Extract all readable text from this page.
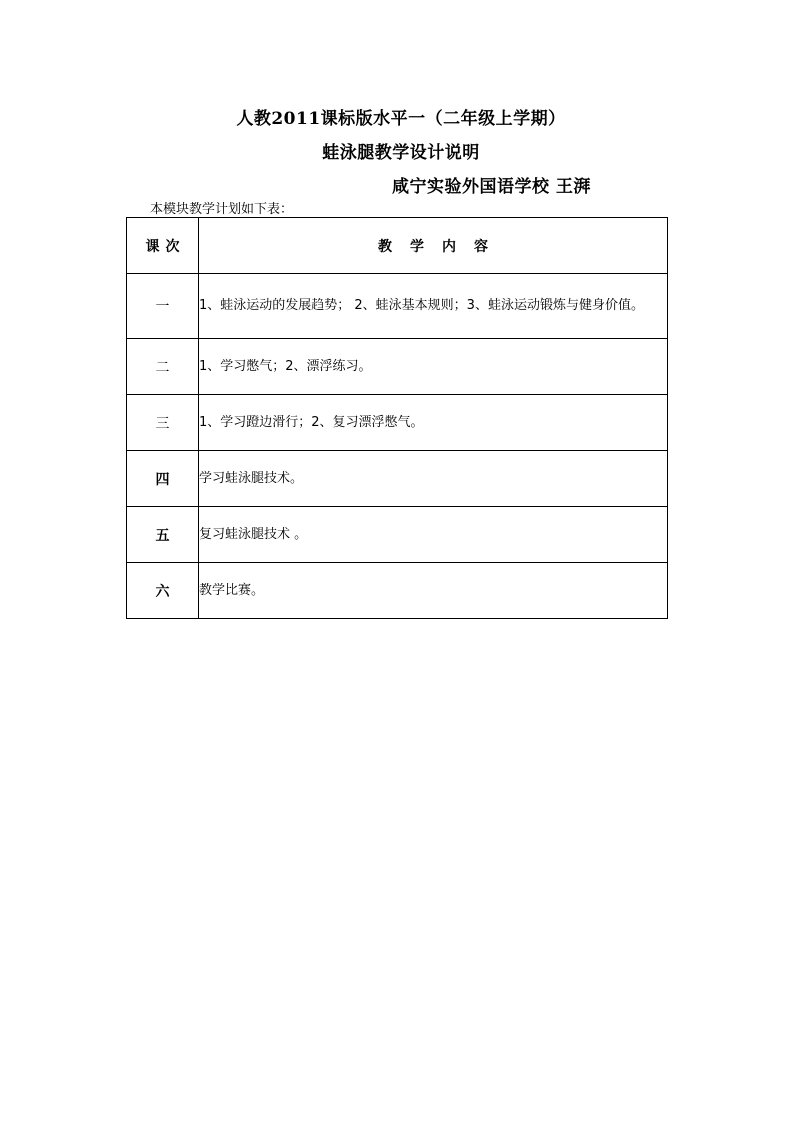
人教2011课标版水平一（二年级上学期）
蛙泳腿教学设计说明
咸宁实验外国语学校 王湃
本模块教学计划如下表：
课次	教学内容
一	1、蛙泳运动的发展趋势； 2、蛙泳基本规则；3、蛙泳运动锻炼与健身价值。
二	1、学习憋气；2、漂浮练习。
三	1、学习蹬边滑行；2、复习漂浮憋气。
四	学习蛙泳腿技术。
五	复习蛙泳腿技术 。
六	教学比赛。
